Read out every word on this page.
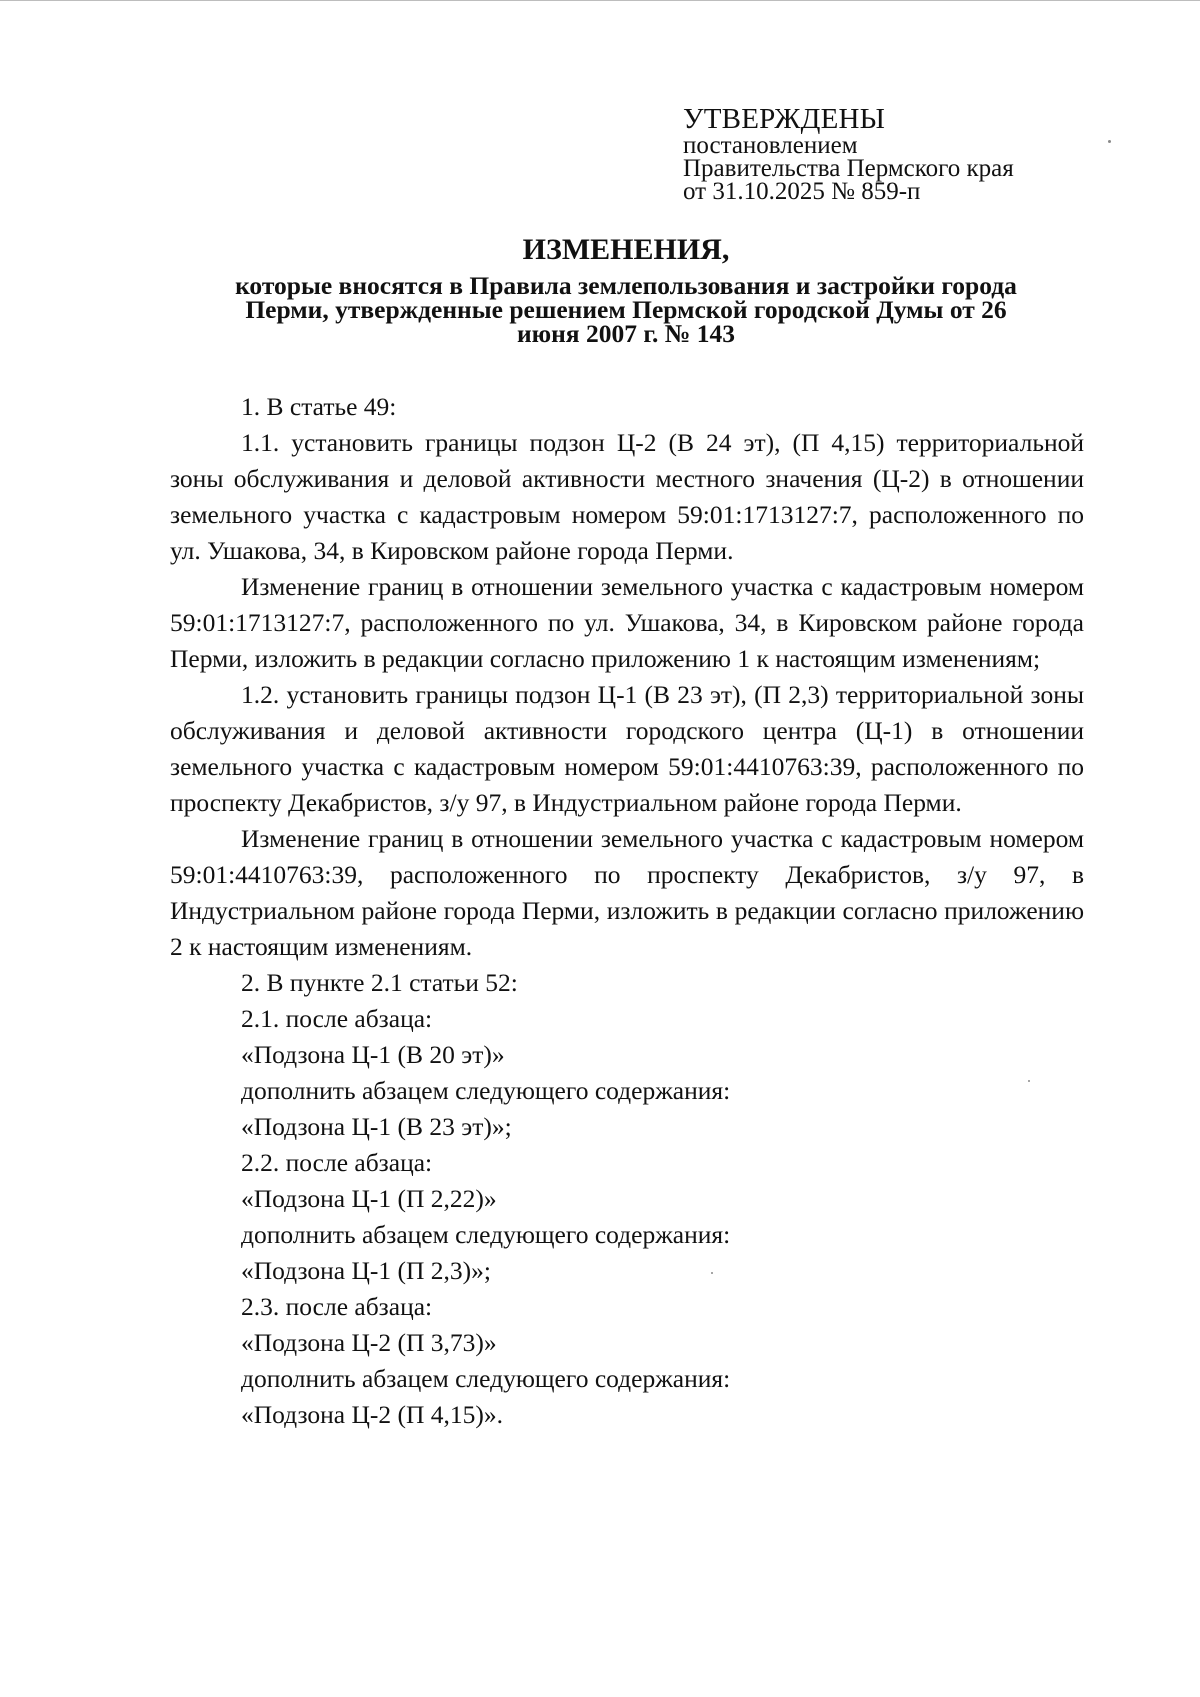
УТВЕРЖДЕНЫ
постановлением
Правительства Пермского края
от 31.10.2025 № 859-п
ИЗМЕНЕНИЯ,
которые вносятся в Правила землепользования и застройки города Перми, утвержденные решением Пермской городской Думы от 26 июня 2007 г. № 143

1. В статье 49:

1.1. установить границы подзон Ц-2 (В 24 эт), (П 4,15) территориальной зоны обслуживания и деловой активности местного значения (Ц-2) в отношении земельного участка с кадастровым номером 59:01:1713127:7, расположенного по ул. Ушакова, 34, в Кировском районе города Перми.

Изменение границ в отношении земельного участка с кадастровым номером 59:01:1713127:7, расположенного по ул. Ушакова, 34, в Кировском районе города Перми, изложить в редакции согласно приложению 1 к настоящим изменениям;

1.2. установить границы подзон Ц-1 (В 23 эт), (П 2,3) территориальной зоны обслуживания и деловой активности городского центра (Ц-1) в отношении земельного участка с кадастровым номером 59:01:4410763:39, расположенного по проспекту Декабристов, з/у 97, в Индустриальном районе города Перми.

Изменение границ в отношении земельного участка с кадастровым номером 59:01:4410763:39, расположенного по проспекту Декабристов, з/у 97, в Индустриальном районе города Перми, изложить в редакции согласно приложению 2 к настоящим изменениям.

2. В пункте 2.1 статьи 52:

2.1. после абзаца:

«Подзона Ц-1 (В 20 эт)»

дополнить абзацем следующего содержания:

«Подзона Ц-1 (В 23 эт)»;

2.2. после абзаца:

«Подзона Ц-1 (П 2,22)»

дополнить абзацем следующего содержания:

«Подзона Ц-1 (П 2,3)»;

2.3. после абзаца:

«Подзона Ц-2 (П 3,73)»

дополнить абзацем следующего содержания:

«Подзона Ц-2 (П 4,15)».
